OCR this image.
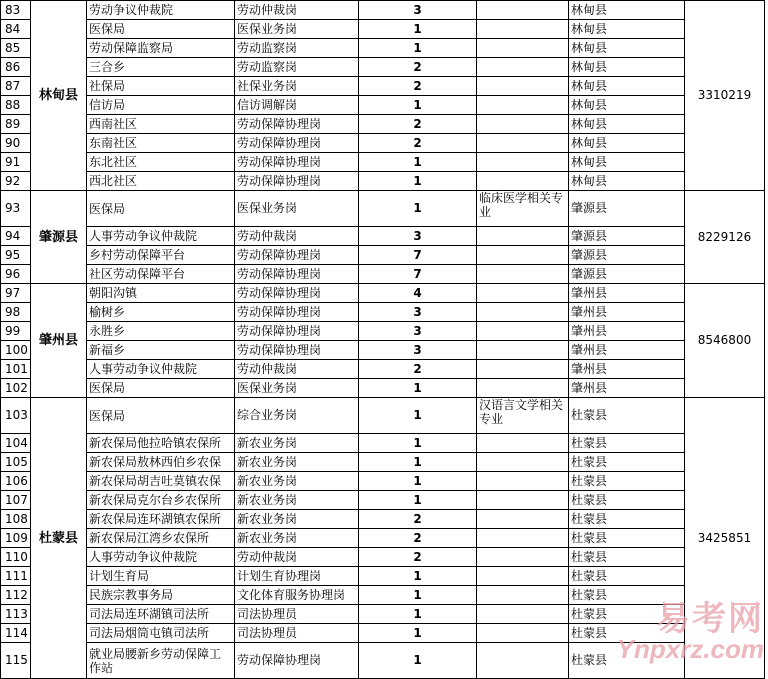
83	林甸县	劳动争议仲裁院	劳动仲裁岗	3		林甸县	3310219
84		医保局	医保业务岗	1		林甸县	
85		劳动保障监察局	劳动监察岗	1		林甸县	
86		三合乡	劳动监察岗	2		林甸县	
87		社保局	社保业务岗	2		林甸县	
88		信访局	信访调解岗	1		林甸县	
89		西南社区	劳动保障协理岗	2		林甸县	
90		东南社区	劳动保障协理岗	2		林甸县	
91		东北社区	劳动保障协理岗	1		林甸县	
92		西北社区	劳动保障协理岗	1		林甸县	
93	肇源县	医保局	医保业务岗	1	临床医学相关专业	肇源县	8229126
94		人事劳动争议仲裁院	劳动仲裁岗	3		肇源县	
95		乡村劳动保障平台	劳动保障协理岗	7		肇源县	
96		社区劳动保障平台	劳动保障协理岗	7		肇源县	
97	肇州县	朝阳沟镇	劳动保障协理岗	4		肇州县	8546800
98		榆树乡	劳动保障协理岗	3		肇州县	
99		永胜乡	劳动保障协理岗	3		肇州县	
100		新福乡	劳动保障协理岗	3		肇州县	
101		人事劳动争议仲裁院	劳动仲裁岗	2		肇州县	
102		医保局	医保业务岗	1		肇州县	
103	杜蒙县	医保局	综合业务岗	1	汉语言文学相关专业	杜蒙县	3425851
104		新农保局他拉哈镇农保所	新农业务岗	1		杜蒙县	
105		新农保局敖林西伯乡农保	新农业务岗	1		杜蒙县	
106		新农保局胡吉吐莫镇农保	新农业务岗	1		杜蒙县	
107		新农保局克尔台乡农保所	新农业务岗	1		杜蒙县	
108		新农保局连环湖镇农保所	新农业务岗	2		杜蒙县	
109		新农保局江湾乡农保所	新农业务岗	2		杜蒙县	
110		人事劳动争议仲裁院	劳动仲裁岗	2		杜蒙县	
111		计划生育局	计划生育协理岗	1		杜蒙县	
112		民族宗教事务局	文化体育服务协理岗	1		杜蒙县	
113		司法局连环湖镇司法所	司法协理员	1		杜蒙县	
114		司法局烟筒屯镇司法所	司法协理员	1		杜蒙县	
115		就业局腰新乡劳动保障工作站	劳动保障协理岗	1		杜蒙县	
易考网
Ynpxrz.com
